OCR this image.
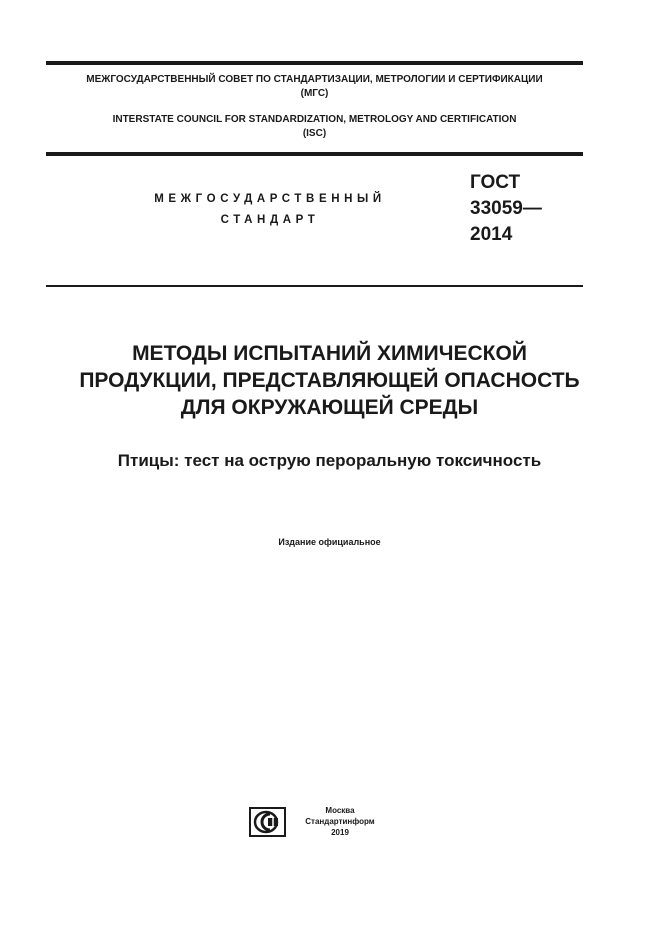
МЕЖГОСУДАРСТВЕННЫЙ СОВЕТ ПО СТАНДАРТИЗАЦИИ, МЕТРОЛОГИИ И СЕРТИФИКАЦИИ
(МГС)
INTERSTATE COUNCIL FOR STANDARDIZATION, METROLOGY AND CERTIFICATION
(ISC)
МЕЖГОСУДАРСТВЕННЫЙ
СТАНДАРТ
ГОСТ
33059—
2014
МЕТОДЫ ИСПЫТАНИЙ ХИМИЧЕСКОЙ
ПРОДУКЦИИ, ПРЕДСТАВЛЯЮЩЕЙ ОПАСНОСТЬ
ДЛЯ ОКРУЖАЮЩЕЙ СРЕДЫ
Птицы: тест на острую пероральную токсичность
Издание официальное
Москва
Стандартинформ
2019
